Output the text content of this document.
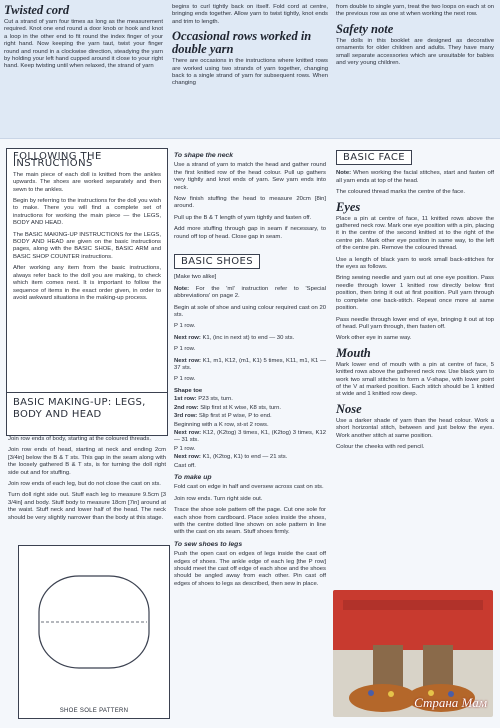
Twisted cord

Cut a strand of yarn four times as long as the measurement required. Knot one end round a door knob or hook and knot a loop in the other end to fit round the index finger of your right hand. Now keeping the yarn taut, twist your finger round and round in a clockwise direction, steadying the yarn by holding your left hand cupped around it close to your right hand. Keep twisting until when relaxed, the strand of yarn

begins to curl tightly back on itself. Fold cord at centre, bringing ends together. Allow yarn to twist tightly, knot ends and trim to length.

Occasional rows worked in double yarn

There are occasions in the instructions where knitted rows are worked using two strands of yarn together, changing back to a single strand of yarn for subsequent rows. When changing

from double to single yarn, treat the two loops on each st on the previous row as one st when working the next row.

Safety note

The dolls in this booklet are designed as decorative ornaments for older children and adults. They have many small separate accessories which are unsuitable for babies and very young children.

FOLLOWING THE INSTRUCTIONS

The main piece of each doll is knitted from the ankles upwards. The shoes are worked separately and then sewn to the ankles.

Begin by referring to the instructions for the doll you wish to make. There you will find a complete set of instructions for working the main piece — the LEGS, BODY AND HEAD.

The BASIC MAKING-UP INSTRUCTIONS for the LEGS, BODY AND HEAD are given on the basic instructions pages, along with the BASIC SHOE, BASIC ARM and BASIC SHOP COUNTER instructions.

After working any item from the basic instructions, always refer back to the doll you are making, to check which item comes next. It is important to follow the sequence of items in the exact order given, in order to avoid awkward situations in the making-up process.

BASIC MAKING-UP: LEGS, BODY AND HEAD

Join row ends of body, starting at the coloured threads.

Join row ends of head, starting at neck and ending 2cm [3/4in] below the B & T sts. This gap in the seam along with the loosely gathered B & T sts, is for turning the doll right side out and for stuffing.

Join row ends of each leg, but do not close the cast on sts.

Turn doll right side out. Stuff each leg to measure 9.5cm [3 3/4in] and body. Stuff body to measure 18cm [7in] around at the waist. Stuff neck and lower half of the head. The neck should be very slightly narrower than the body at this stage.

SHOE SOLE PATTERN
To shape the neck

Use a strand of yarn to match the head and gather round the first knitted row of the head colour. Pull up gathers very tightly and knot ends of yarn. Sew yarn ends into neck.

Now finish stuffing the head to measure 20cm [8in] around.

Pull up the B & T length of yarn tightly and fasten off.

Add more stuffing through gap in seam if necessary, to round off top of head. Close gap in seam.

BASIC SHOES

[Make two alike]

Note: For the 'ml' instruction refer to 'Special abbreviations' on page 2.

Begin at sole of shoe and using colour required cast on 20 sts.

P 1 row.

Next row: K1, (inc in next st) to end — 30 sts.

P 1 row.

Next row: K1, m1, K12, (m1, K1) 5 times, K11, m1, K1 — 37 sts.

P 1 row.

Shape toe

1st row: P23 sts, turn.

2nd row: Slip first st K wise, K8 sts, turn.

3rd row: Slip first st P wise, P to end.

Beginning with a K row, st-st 2 rows.

Next row: K12, (K2tog) 3 times, K1, (K2tog) 3 times, K12 — 31 sts.

P 1 row.

Next row: K1, (K2tog, K1) to end — 21 sts.

Cast off.

To make up

Fold cast on edge in half and oversew across cast on sts.

Join row ends. Turn right side out.

Trace the shoe sole pattern off the page. Cut one sole for each shoe from cardboard. Place soles inside the shoes, with the centre dotted line shown on sole pattern in line with the cast on sts seam. Stuff shoes firmly.

To sew shoes to legs

Push the open cast on edges of legs inside the cast off edges of shoes. The ankle edge of each leg [the P row] should meet the cast off edge of each shoe and the shoes should be angled away from each other. Pin cast off edges of shoes to legs as described, then sew in place.

BASIC FACE

Note: When working the facial stitches, start and fasten off all yarn ends at top of the head.

The coloured thread marks the centre of the face.

Eyes

Place a pin at centre of face, 11 knitted rows above the gathered neck row. Mark one eye position with a pin, placing it in the centre of the second knitted st to the right of the centre pin. Mark other eye position in same way, to the left of the centre pin. Remove the coloured thread.

Use a length of black yarn to work small back-stitches for the eyes as follows.

Bring sewing needle and yarn out at one eye position. Pass needle through lower 1 knitted row directly below first position, then bring it out at first position. Pull yarn through to complete one back-stitch. Repeat once more at same position.

Pass needle through lower end of eye, bringing it out at top of head. Pull yarn through, then fasten off.

Work other eye in same way.

Mouth

Mark lower end of mouth with a pin at centre of face, 5 knitted rows above the gathered neck row. Use black yarn to work two small stitches to form a V-shape, with lower point of the V at marked position. Each stitch should be 1 knitted st wide and 1 knitted row deep.

Nose

Use a darker shade of yarn than the head colour. Work a short horizontal stitch, between and just below the eyes. Work another stitch at same position.

Colour the cheeks with red pencil.

Страна Мам
